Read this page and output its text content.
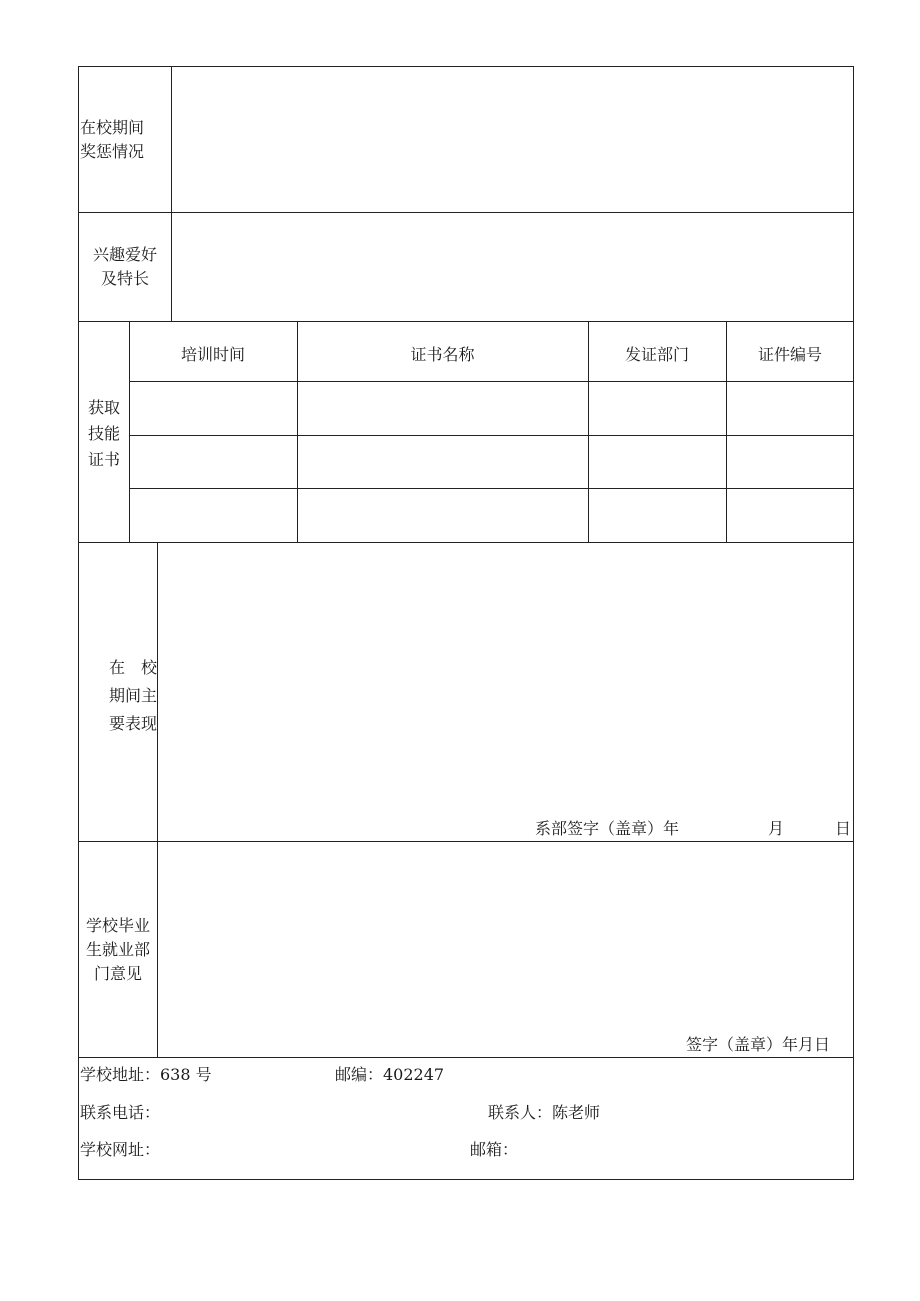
在校期间
奖惩情况
兴趣爱好
及特长
获取
技能
证书
培训时间	证书名称	发证部门	证件编号
在　校
期间主
要表现
系部签字（盖章）年	月	日
学校毕业
生就业部
门意见
签字（盖章）年月日
学校地址：638 号	邮编：402247
联系电话：	联系人：陈老师
学校网址：	邮箱：
